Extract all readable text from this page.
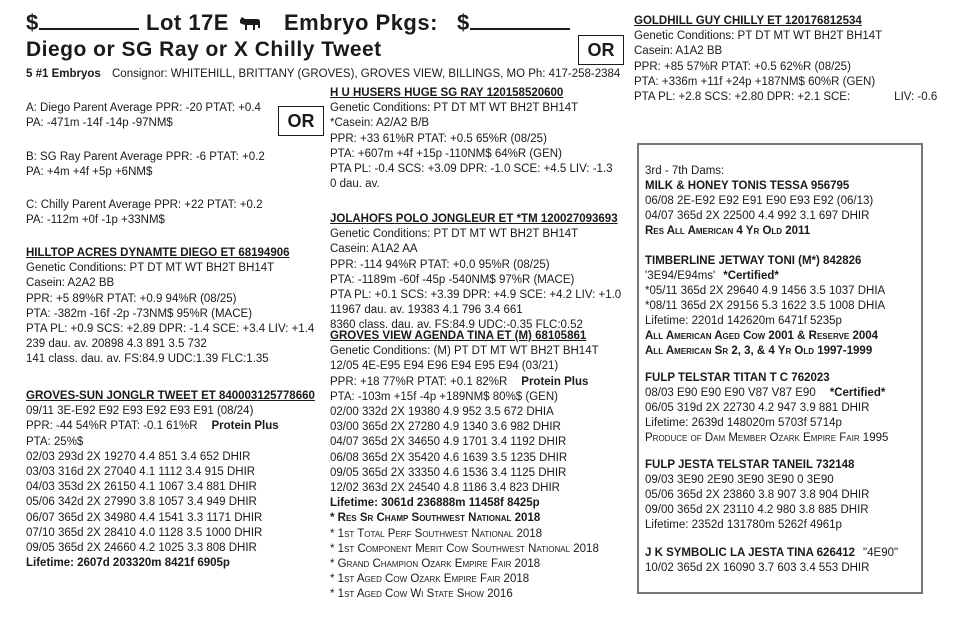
$	Lot 17E	Embryo Pkgs: $
Diego or SG Ray or X Chilly Tweet	OR
5 #1 Embryos Consignor: WHITEHILL, BRITTANY (GROVES), GROVES VIEW, BILLINGS, MO Ph: 417-258-2384
A: Diego Parent Average PPR: -20 PTAT: +0.4
PA: -471m -14f -14p -97NM$	OR
B: SG Ray Parent Average PPR: -6 PTAT: +0.2
PA: +4m +4f +5p +6NM$
C: Chilly Parent Average PPR: +22 PTAT: +0.2
PA: -112m +0f -1p +33NM$
HILLTOP ACRES DYNAMTE DIEGO ET 68194906
Genetic Conditions: PT DT MT WT BH2T BH14T
Casein: A2A2 BB
PPR: +5 89%R PTAT: +0.9 94%R (08/25)
PTA: -382m -16f -2p -73NM$ 95%R (MACE)
PTA PL: +0.9 SCS: +2.89 DPR: -1.4 SCE: +3.4 LIV: +1.4
239 dau. av. 20898 4.3 891 3.5 732
141 class. dau. av. FS:84.9 UDC:1.39 FLC:1.35
GROVES-SUN JONGLR TWEET ET 840003125778660
09/11 3E-E92 E92 E93 E92 E93 E91 (08/24)
PPR: -44 54%R PTAT: -0.1 61%R Protein Plus
PTA: 25%$
02/03 293d 2X 19270 4.4 851 3.4 652 DHIR
03/03 316d 2X 27040 4.1 1112 3.4 915 DHIR
04/03 353d 2X 26150 4.1 1067 3.4 881 DHIR
05/06 342d 2X 27990 3.8 1057 3.4 949 DHIR
06/07 365d 2X 34980 4.4 1541 3.3 1171 DHIR
07/10 365d 2X 28410 4.0 1128 3.5 1000 DHIR
09/05 365d 2X 24660 4.2 1025 3.3 808 DHIR
Lifetime: 2607d 203320m 8421f 6905p
H U HUSERS HUGE SG RAY 120158520600
Genetic Conditions: PT DT MT WT BH2T BH14T
*Casein: A2/A2 B/B
PPR: +33 61%R PTAT: +0.5 65%R (08/25)
PTA: +607m +4f +15p -110NM$ 64%R (GEN)
PTA PL: -0.4 SCS: +3.09 DPR: -1.0 SCE: +4.5 LIV: -1.3
0 dau. av.
JOLAHOFS POLO JONGLEUR ET *TM 120027093693
Genetic Conditions: PT DT MT WT BH2T BH14T
Casein: A1A2 AA
PPR: -114 94%R PTAT: +0.0 95%R (08/25)
PTA: -1189m -60f -45p -540NM$ 97%R (MACE)
PTA PL: +0.1 SCS: +3.39 DPR: +4.9 SCE: +4.2 LIV: +1.0
11967 dau. av. 19383 4.1 796 3.4 661
8360 class. dau. av. FS:84.9 UDC:-0.35 FLC:0.52
GROVES VIEW AGENDA TINA ET (M) 68105861
Genetic Conditions: (M) PT DT MT WT BH2T BH14T
12/05 4E-E95 E94 E96 E94 E95 E94 (03/21)
PPR: +18 77%R PTAT: +0.1 82%R Protein Plus
PTA: -103m +15f -4p +189NM$ 80%$ (GEN)
02/00 332d 2X 19380 4.9 952 3.5 672 DHIA
03/00 365d 2X 27280 4.9 1340 3.6 982 DHIR
04/07 365d 2X 34650 4.9 1701 3.4 1192 DHIR
06/08 365d 2X 35420 4.6 1639 3.5 1235 DHIR
09/05 365d 2X 33350 4.6 1536 3.4 1125 DHIR
12/02 363d 2X 24540 4.8 1186 3.4 823 DHIR
Lifetime: 3061d 236888m 11458f 8425p
* Res Sr Champ Southwest National 2018
* 1st Total Perf Southwest National 2018
* 1st Component Merit Cow Southwest National 2018
* Grand Champion Ozark Empire Fair 2018
* 1st Aged Cow Ozark Empire Fair 2018
* 1st Aged Cow Wi State Show 2016
GOLDHILL GUY CHILLY ET 120176812534
Genetic Conditions: PT DT MT WT BH2T BH14T
Casein: A1A2 BB
PPR: +85 57%R PTAT: +0.5 62%R (08/25)
PTA: +336m +11f +24p +187NM$ 60%R (GEN)
PTA PL: +2.8 SCS: +2.80 DPR: +2.1 SCE:	LIV: -0.6
3rd - 7th Dams:
MILK & HONEY TONIS TESSA 956795
06/08 2E-E92 E92 E91 E90 E93 E92 (06/13)
04/07 365d 2X 22500 4.4 992 3.1 697 DHIR
Res All American 4 Yr Old 2011
TIMBERLINE JETWAY TONI (M*) 842826
'3E94/E94ms' *Certified*
*05/11 365d 2X 29640 4.9 1456 3.5 1037 DHIA
*08/11 365d 2X 29156 5.3 1622 3.5 1008 DHIA
Lifetime: 2201d 142620m 6471f 5235p
All American Aged Cow 2001 & Reserve 2004
All American Sr 2, 3, & 4 Yr Old 1997-1999
FULP TELSTAR TITAN T C 762023
08/03 E90 E90 E90 V87 V87 E90 *Certified*
06/05 319d 2X 22730 4.2 947 3.9 881 DHIR
Lifetime: 2639d 148020m 5703f 5714p
Produce of Dam Member Ozark Empire Fair 1995
FULP JESTA TELSTAR TANEIL 732148
09/03 3E90 2E90 3E90 3E90 0 3E90
05/06 365d 2X 23860 3.8 907 3.8 904 DHIR
09/00 365d 2X 23110 4.2 980 3.8 885 DHIR
Lifetime: 2352d 131780m 5262f 4961p
J K SYMBOLIC LA JESTA TINA 626412 "4E90"
10/02 365d 2X 16090 3.7 603 3.4 553 DHIR
